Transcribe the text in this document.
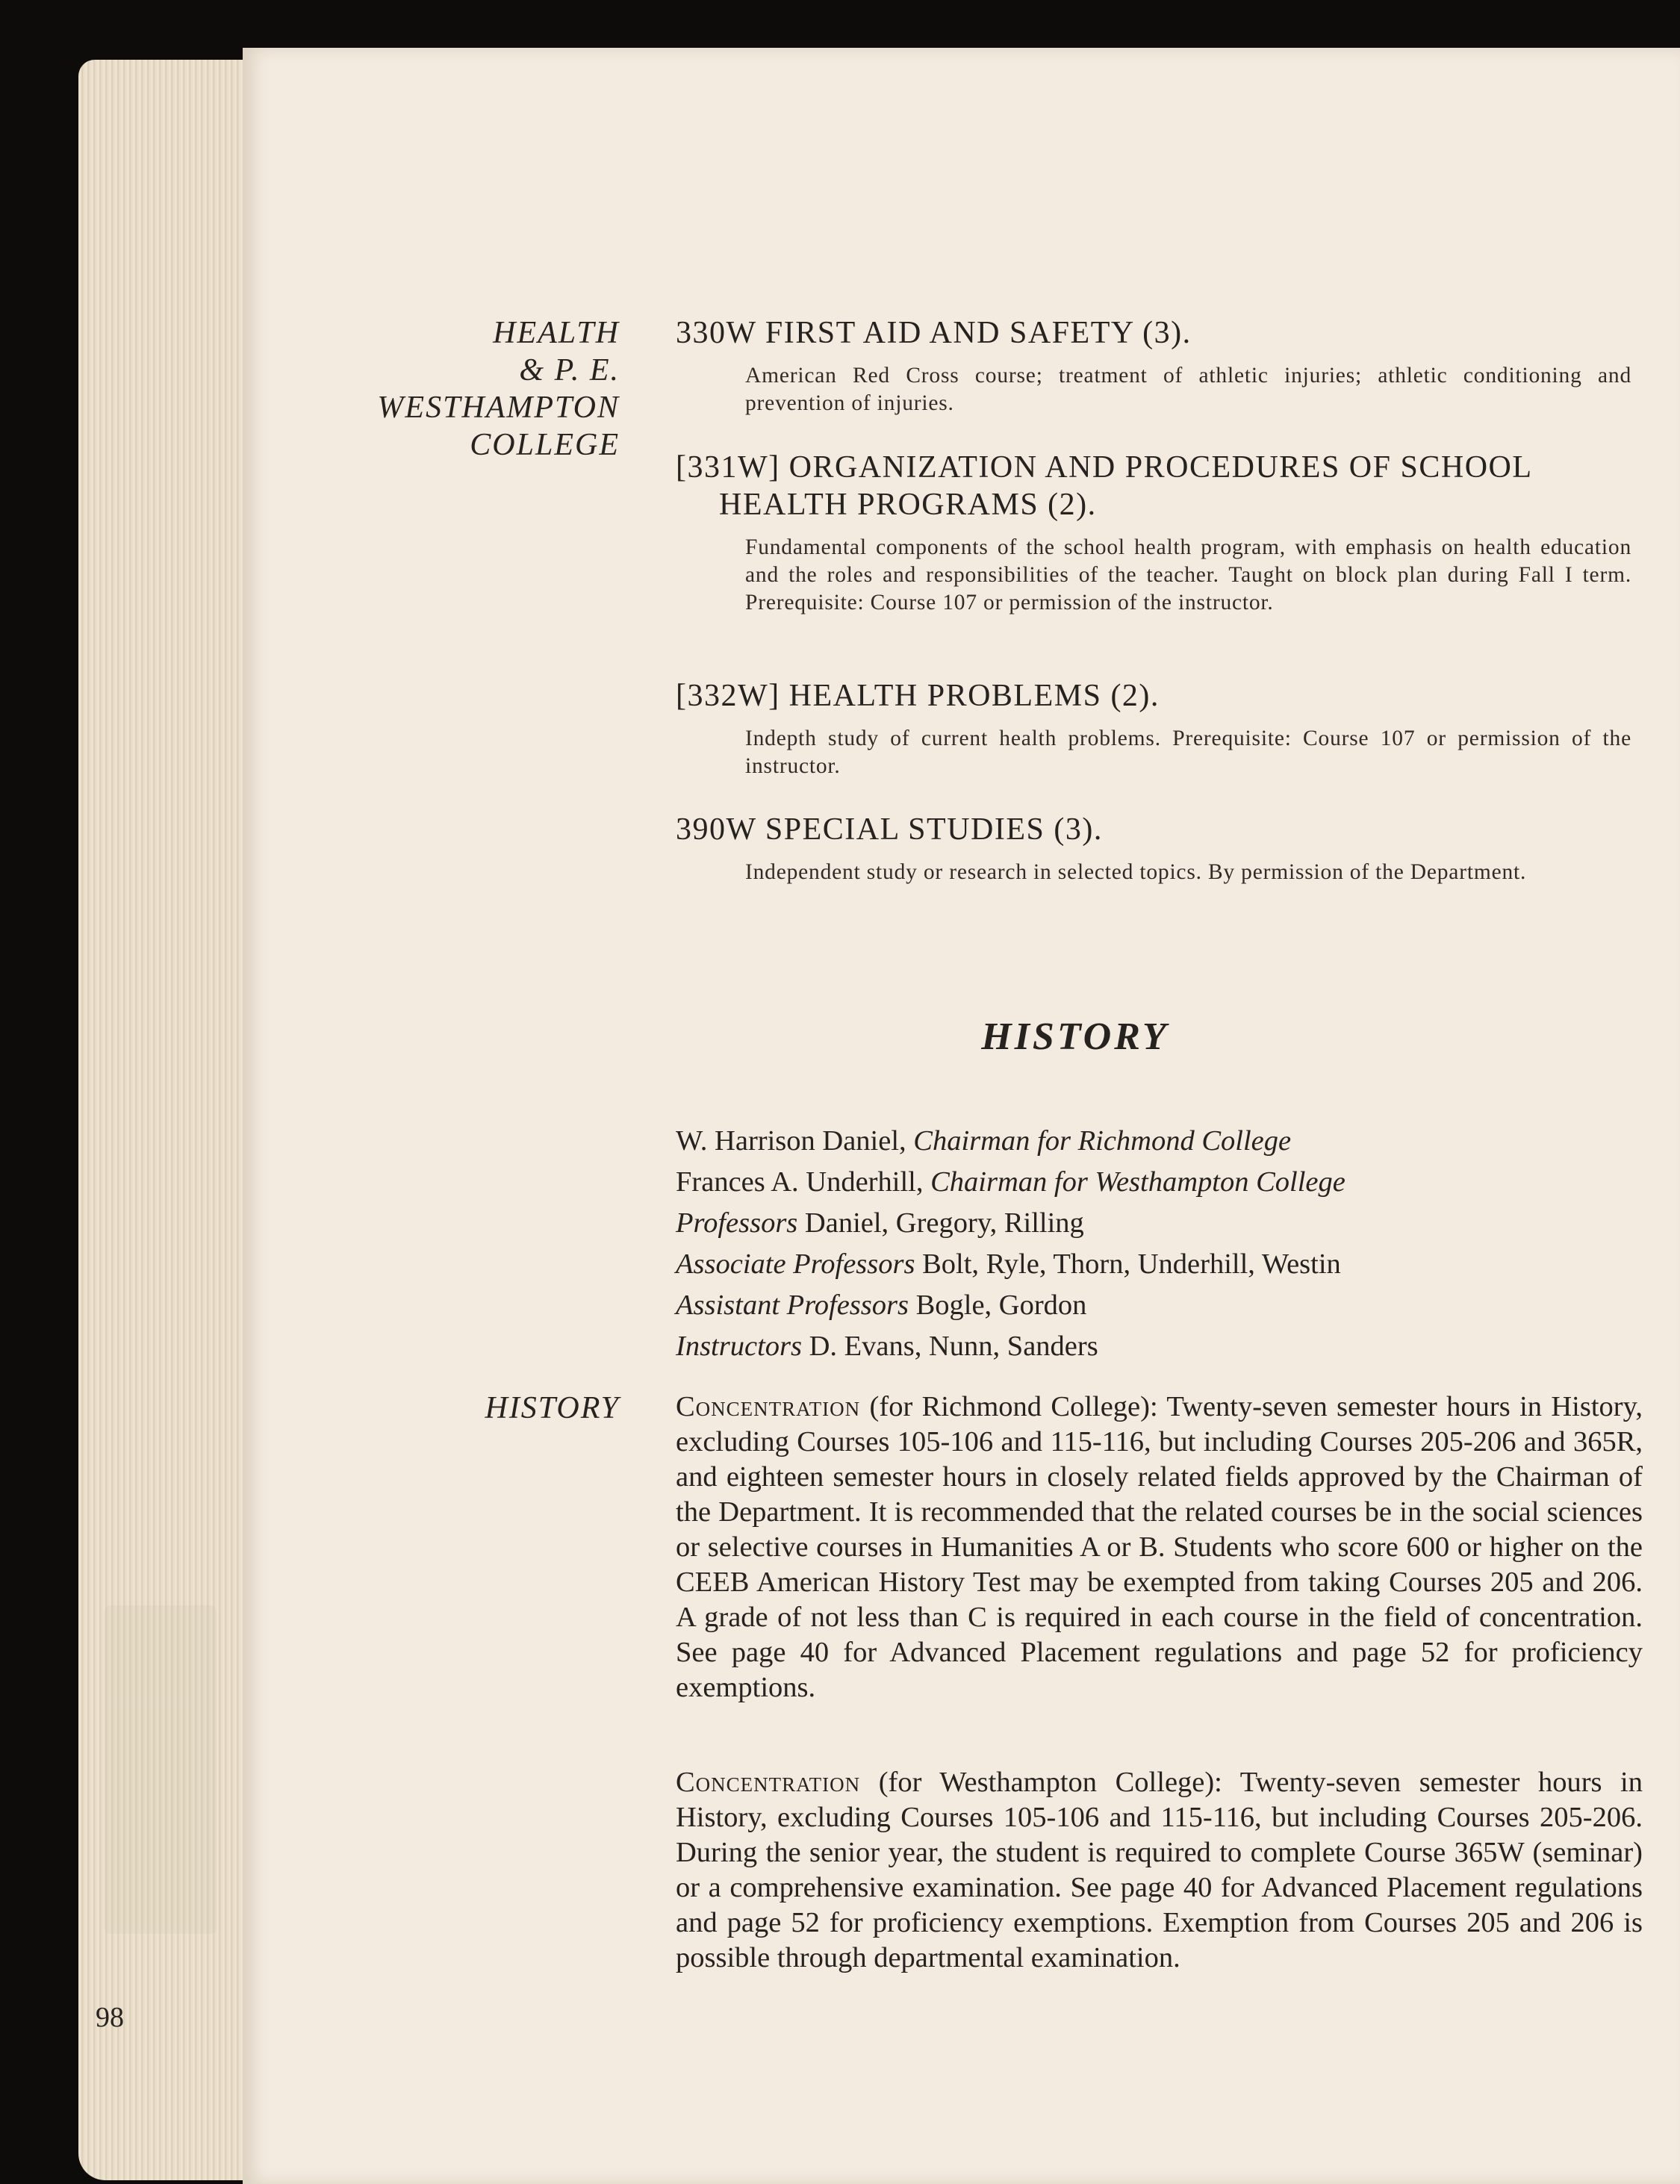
HEALTH
& P. E.
WESTHAMPTON
COLLEGE

330W FIRST AID AND SAFETY (3).

American Red Cross course; treatment of athletic injuries; athletic conditioning and prevention of injuries.

[331W] ORGANIZATION AND PROCEDURES OF SCHOOL
HEALTH PROGRAMS (2).

Fundamental components of the school health program, with emphasis on health education and the roles and responsibilities of the teacher. Taught on block plan during Fall I term. Prerequisite: Course 107 or permission of the instructor.

[332W] HEALTH PROBLEMS (2).

Indepth study of current health problems. Prerequisite: Course 107 or permission of the instructor.

390W SPECIAL STUDIES (3).

Independent study or research in selected topics. By permission of the Department.

HISTORY
W. Harrison Daniel, Chairman for Richmond College
Frances A. Underhill, Chairman for Westhampton College
Professors Daniel, Gregory, Rilling
Associate Professors Bolt, Ryle, Thorn, Underhill, Westin
Assistant Professors Bogle, Gordon
Instructors D. Evans, Nunn, Sanders
HISTORY Concentration (for Richmond College): Twenty-seven semester hours in History, excluding Courses 105-106 and 115-116, but including Courses 205-206 and 365R, and eighteen semester hours in closely related fields approved by the Chairman of the Department. It is recommended that the related courses be in the social sciences or selective courses in Humanities A or B. Students who score 600 or higher on the CEEB American History Test may be exempted from taking Courses 205 and 206. A grade of not less than C is required in each course in the field of concentration. See page 40 for Advanced Placement regulations and page 52 for proficiency exemptions.

Concentration (for Westhampton College): Twenty-seven semester hours in History, excluding Courses 105-106 and 115-116, but including Courses 205-206. During the senior year, the student is required to complete Course 365W (seminar) or a comprehensive examination. See page 40 for Advanced Placement regulations and page 52 for proficiency exemptions. Exemption from Courses 205 and 206 is possible through departmental examination.

98
